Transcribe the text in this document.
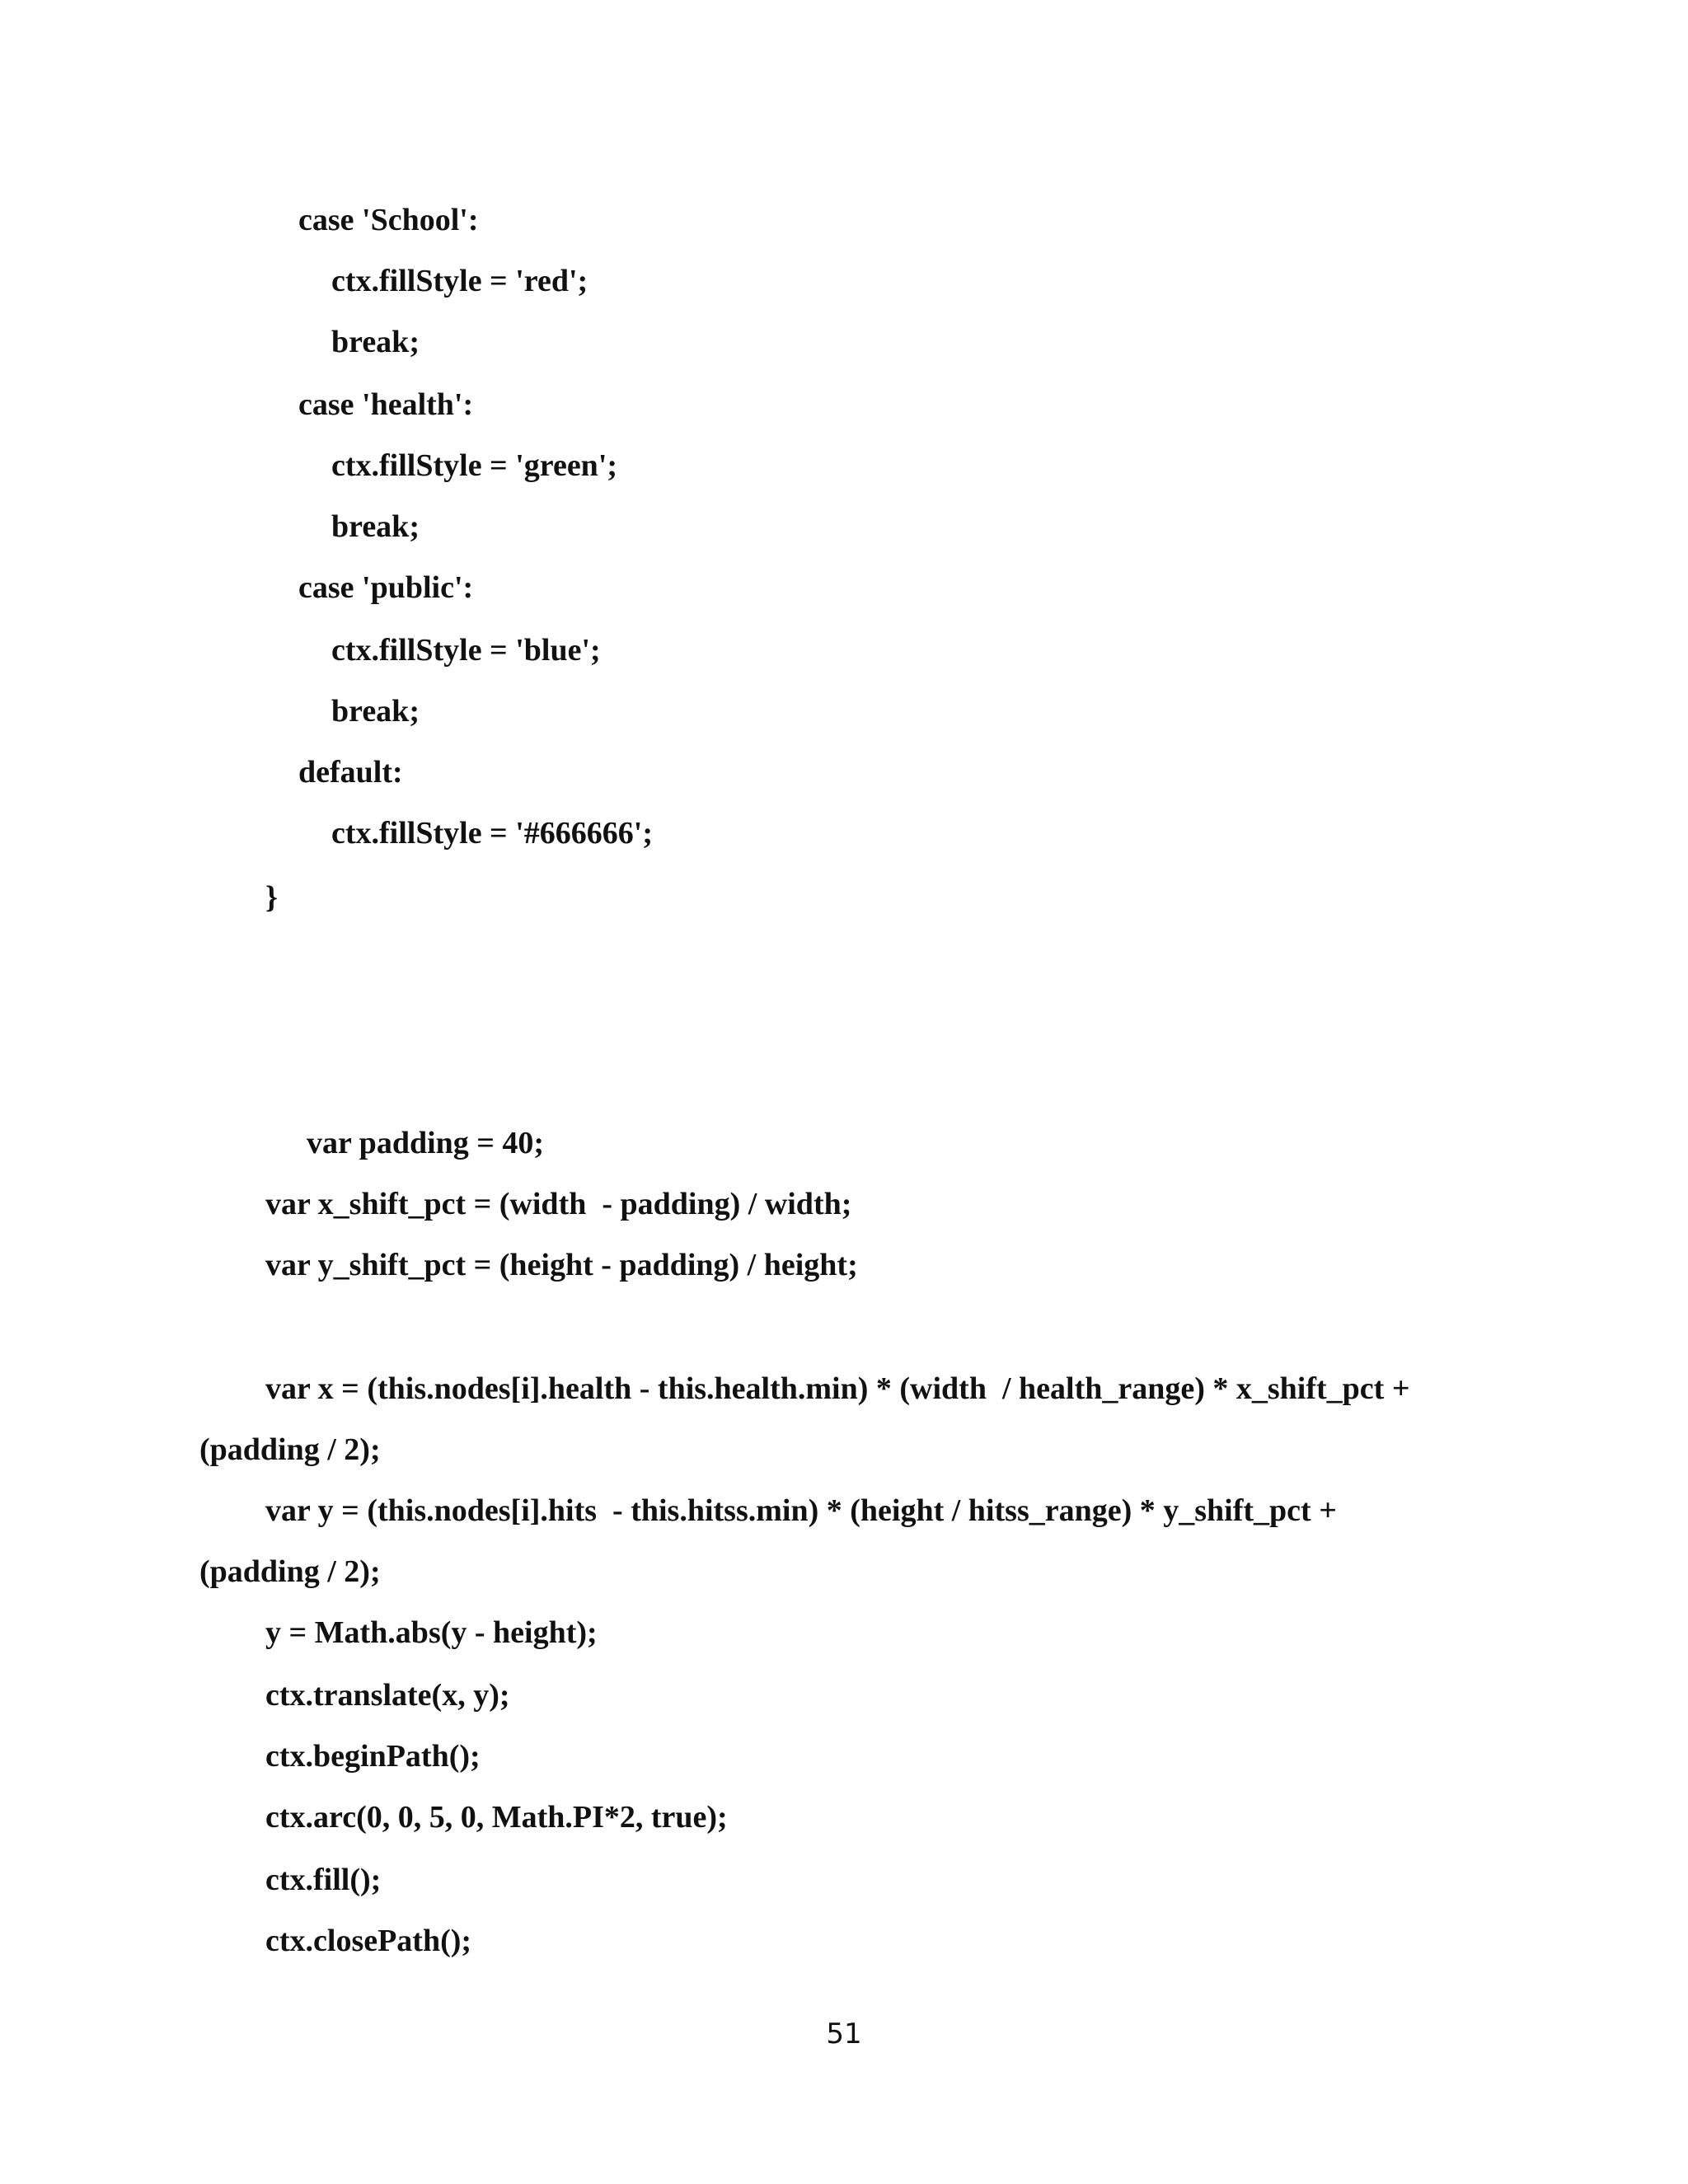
case 'School':
ctx.fillStyle = 'red';
break;
case 'health':
ctx.fillStyle = 'green';
break;
case 'public':
ctx.fillStyle = 'blue';
break;
default:
ctx.fillStyle = '#666666';
}
var padding = 40;
var x_shift_pct = (width  - padding) / width;
var y_shift_pct = (height - padding) / height;
var x = (this.nodes[i].health - this.health.min) * (width  / health_range) * x_shift_pct +
(padding / 2);
var y = (this.nodes[i].hits  - this.hitss.min) * (height / hitss_range) * y_shift_pct +
(padding / 2);
y = Math.abs(y - height);
ctx.translate(x, y);
ctx.beginPath();
ctx.arc(0, 0, 5, 0, Math.PI*2, true);
ctx.fill();
ctx.closePath();
51
